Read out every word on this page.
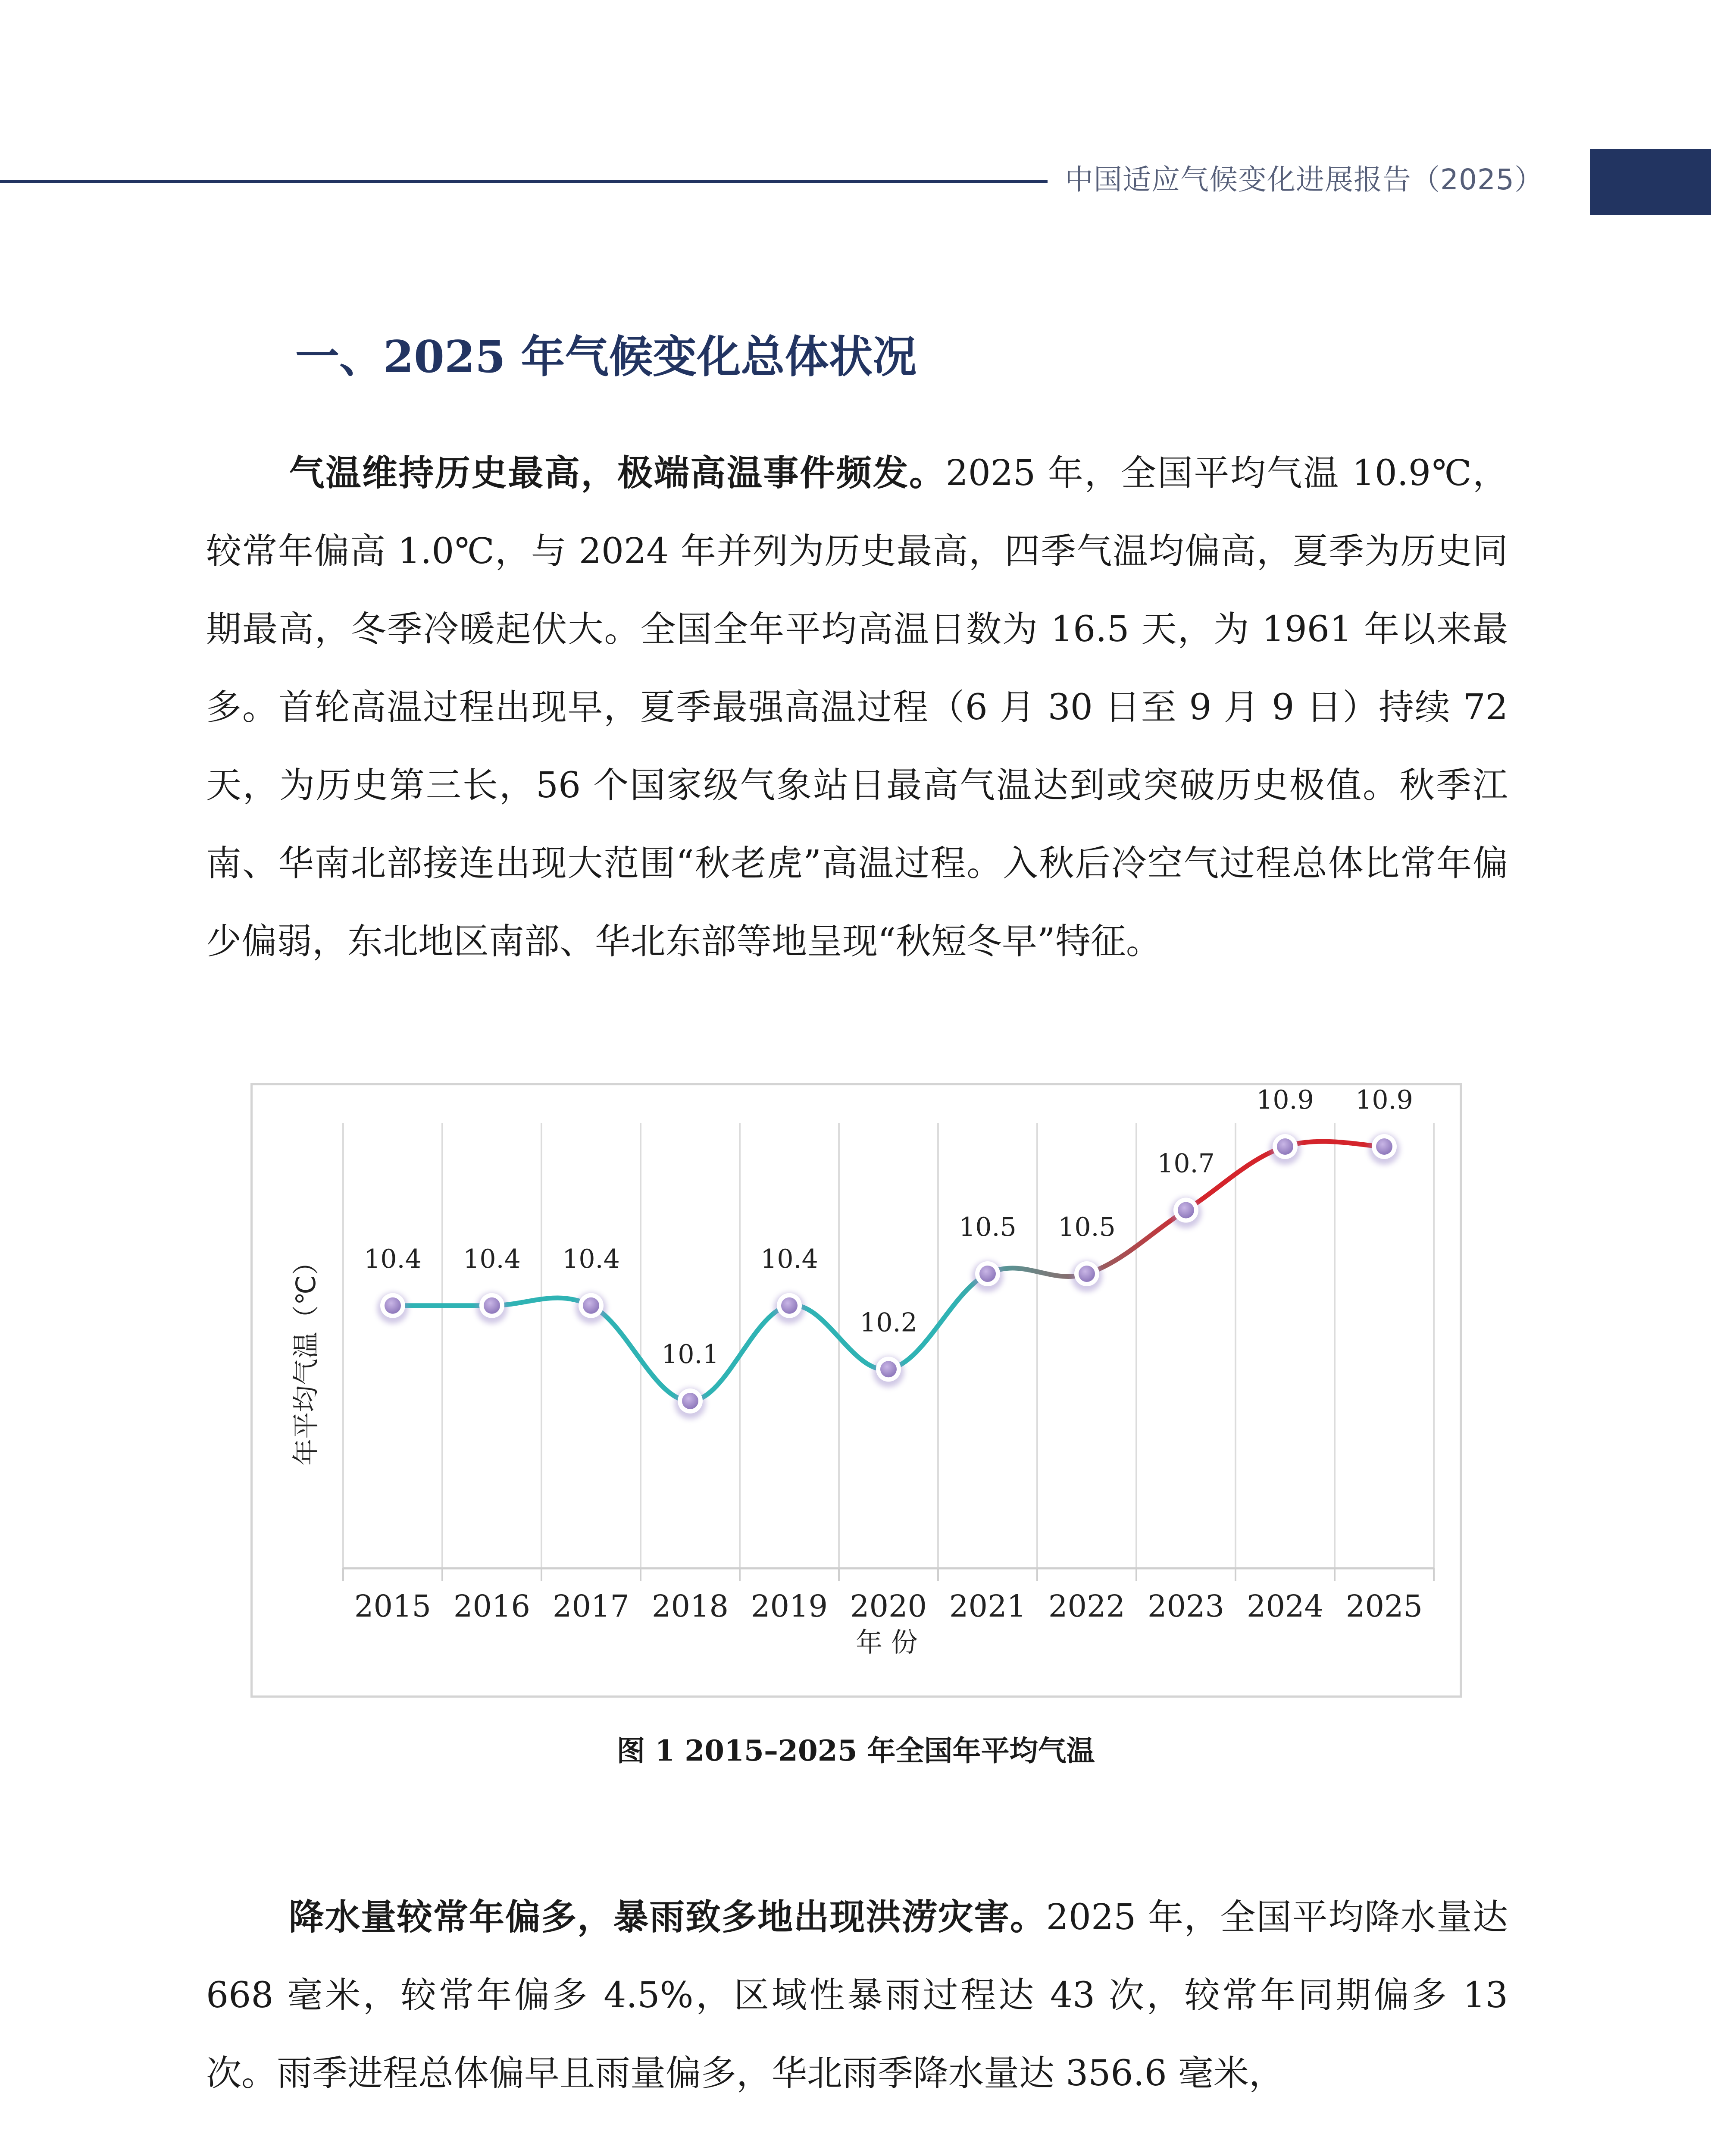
中国适应气候变化进展报告（2025）
一、2025 年气候变化总体状况

气温维持历史最高，极端高温事件频发。2025 年，全国平均气温 10.9℃，较常年偏高 1.0℃，与 2024 年并列为历史最高，四季气温均偏高，夏季为历史同期最高，冬季冷暖起伏大。全国全年平均高温日数为 16.5 天，为 1961 年以来最多。首轮高温过程出现早，夏季最强高温过程（6 月 30 日至 9 月 9 日）持续 72 天，为历史第三长，56 个国家级气象站日最高气温达到或突破历史极值。秋季江南、华南北部接连出现大范围“秋老虎”高温过程。入秋后冷空气过程总体比常年偏少偏弱，东北地区南部、华北东部等地呈现“秋短冬早”特征。

10.4 10.4 10.4
10.1
10.4
10.2
10.5 10.5
10.7
10.9 10.9
2015 2016 2017 2018 2019 2020 2021 2022 2023 2024 2025
年 份
年平均气温（℃）
图 1 2015–2025 年全国年平均气温

降水量较常年偏多，暴雨致多地出现洪涝灾害。2025 年，全国平均降水量达 668 毫米，较常年偏多 4.5%，区域性暴雨过程达 43 次，较常年同期偏多 13 次。雨季进程总体偏早且雨量偏多，华北雨季降水量达 356.6 毫米，
